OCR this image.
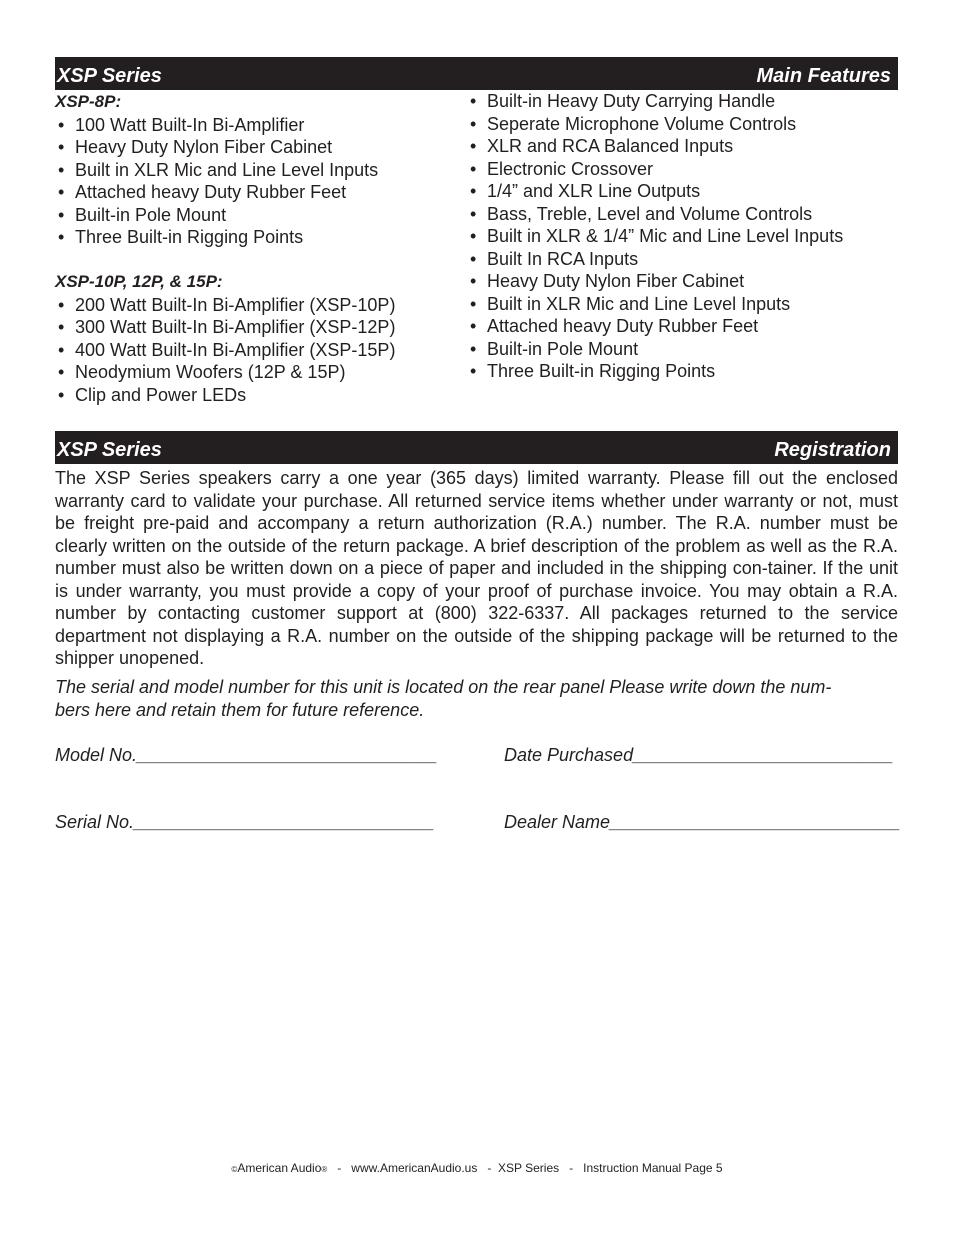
XSP Series	Main Features
XSP-8P:
• 100 Watt Built-In Bi-Amplifier
• Heavy Duty Nylon Fiber Cabinet
• Built in XLR Mic and Line Level Inputs
• Attached heavy Duty Rubber Feet
• Built-in Pole Mount
• Three Built-in Rigging Points
XSP-10P, 12P, & 15P:
• 200 Watt Built-In Bi-Amplifier (XSP-10P)
• 300 Watt Built-In Bi-Amplifier (XSP-12P)
• 400 Watt Built-In Bi-Amplifier (XSP-15P)
• Neodymium Woofers (12P & 15P)
• Clip and Power LEDs
• Built-in Heavy Duty Carrying Handle
• Seperate Microphone Volume Controls
• XLR and RCA Balanced Inputs
• Electronic Crossover
• 1/4” and XLR Line Outputs
• Bass, Treble, Level and Volume Controls
• Built in XLR & 1/4” Mic and Line Level Inputs
• Built In RCA Inputs
• Heavy Duty Nylon Fiber Cabinet
• Built in XLR Mic and Line Level Inputs
• Attached heavy Duty Rubber Feet
• Built-in Pole Mount
• Three Built-in Rigging Points
XSP Series	Registration

The XSP Series speakers carry a one year (365 days) limited warranty. Please fill out the enclosed warranty card to validate your purchase. All returned service items whether under warranty or not, must be freight pre-paid and accompany a return authorization (R.A.) number. The R.A. number must be clearly written on the outside of the return package. A brief description of the problem as well as the R.A. number must also be written down on a piece of paper and included in the shipping con-tainer. If the unit is under warranty, you must provide a copy of your proof of purchase invoice. You may obtain a R.A. number by contacting customer support at (800) 322-6337. All packages returned to the service department not displaying a R.A. number on the outside of the shipping package will be returned to the shipper unopened.

The serial and model number for this unit is located on the rear panel Please write down the num-
bers here and retain them for future reference.
Model No.______________________________	Date Purchased__________________________
Serial No.______________________________	Dealer Name_____________________________
©American Audio®   -   www.AmericanAudio.us   -  XSP Series   -   Instruction Manual Page 5
